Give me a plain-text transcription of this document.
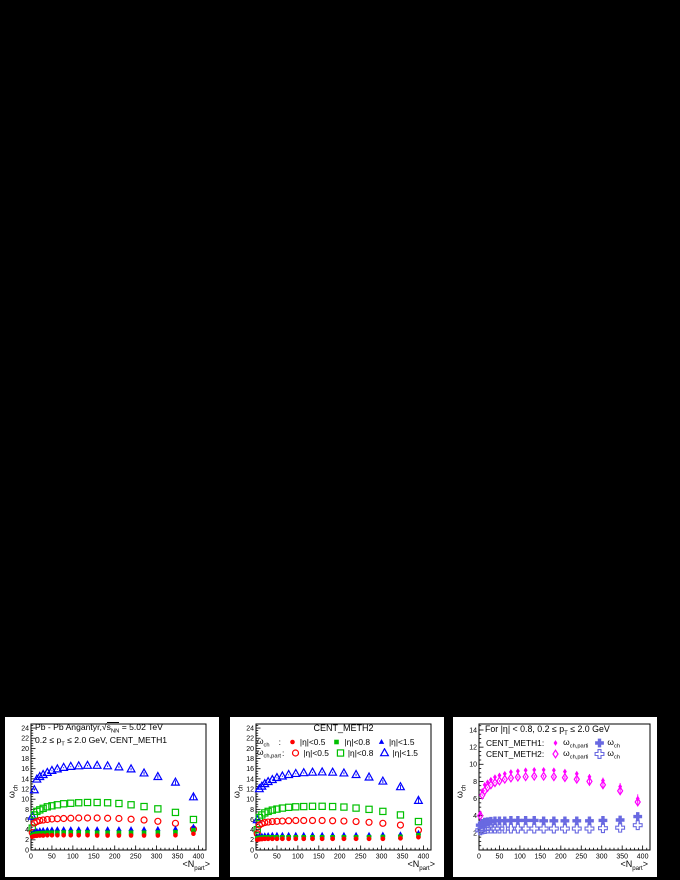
0 50 100 150 200 250 300 350 400
0
2
4
6
8
10
12
14
16
18
20
22
24
$\omega_{ch}$
$<N_{part}>$
Pb - Pb $Angantyr,√s_{NN} = 5.02$ TeV
$0.2 \le p_T \le 2.0$ GeV, CENT_METH1
0 50 100 150 200 250 300 350 400
0
2
4
6
8
10
12
14
16
18
20
22
24
$\omega_{ch}$
$<N_{part}>$
CENT_METH2
$\omega_{ch}$ : |η|<0.5 |η|<0.8 |η|<1.5
$\omega_{ch,part}$ : |η|<0.5 |η|<0.8 |η|<1.5
0 50 100 150 200 250 300 350 400
2
4
6
8
10
12
14
$\omega_{ch}$
$<N_{part}>$
For |η| < 0.8, $0.2 \le p_T \le 2.0$ GeV
CENT_METH1: $\omega_{ch,parti}$ $\omega_{ch}$
CENT_METH2: $\omega_{ch,parti}$ $\omega_{ch}$
